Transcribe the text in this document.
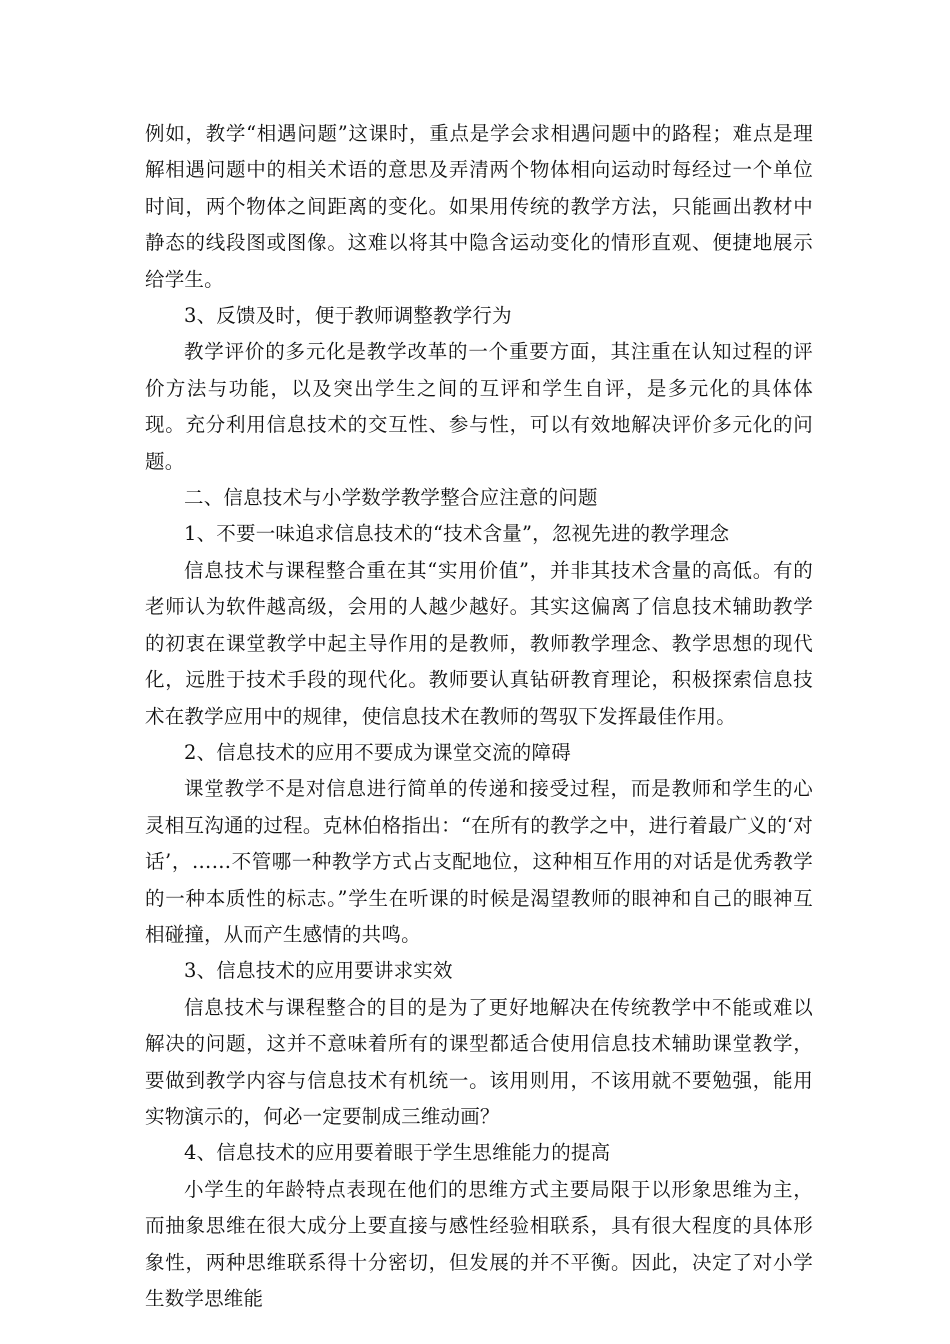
例如，教学“相遇问题”这课时，重点是学会求相遇问题中的路程；难点是理解相遇问题中的相关术语的意思及弄清两个物体相向运动时每经过一个单位时间，两个物体之间距离的变化。如果用传统的教学方法，只能画出教材中静态的线段图或图像。这难以将其中隐含运动变化的情形直观、便捷地展示给学生。

3、反馈及时，便于教师调整教学行为

教学评价的多元化是教学改革的一个重要方面，其注重在认知过程的评价方法与功能，以及突出学生之间的互评和学生自评，是多元化的具体体现。充分利用信息技术的交互性、参与性，可以有效地解决评价多元化的问题。

二、信息技术与小学数学教学整合应注意的问题

1、不要一味追求信息技术的“技术含量”，忽视先进的教学理念

信息技术与课程整合重在其“实用价值”，并非其技术含量的高低。有的老师认为软件越高级，会用的人越少越好。其实这偏离了信息技术辅助教学的初衷在课堂教学中起主导作用的是教师，教师教学理念、教学思想的现代化，远胜于技术手段的现代化。教师要认真钻研教育理论，积极探索信息技术在教学应用中的规律，使信息技术在教师的驾驭下发挥最佳作用。

2、信息技术的应用不要成为课堂交流的障碍

课堂教学不是对信息进行简单的传递和接受过程，而是教师和学生的心灵相互沟通的过程。克林伯格指出：“在所有的教学之中，进行着最广义的‘对话’，……不管哪一种教学方式占支配地位，这种相互作用的对话是优秀教学的一种本质性的标志。”学生在听课的时候是渴望教师的眼神和自己的眼神互相碰撞，从而产生感情的共鸣。

3、信息技术的应用要讲求实效

信息技术与课程整合的目的是为了更好地解决在传统教学中不能或难以解决的问题，这并不意味着所有的课型都适合使用信息技术辅助课堂教学，要做到教学内容与信息技术有机统一。该用则用，不该用就不要勉强，能用实物演示的，何必一定要制成三维动画？

4、信息技术的应用要着眼于学生思维能力的提高

小学生的年龄特点表现在他们的思维方式主要局限于以形象思维为主，而抽象思维在很大成分上要直接与感性经验相联系，具有很大程度的具体形象性，两种思维联系得十分密切，但发展的并不平衡。因此，决定了对小学生数学思维能
